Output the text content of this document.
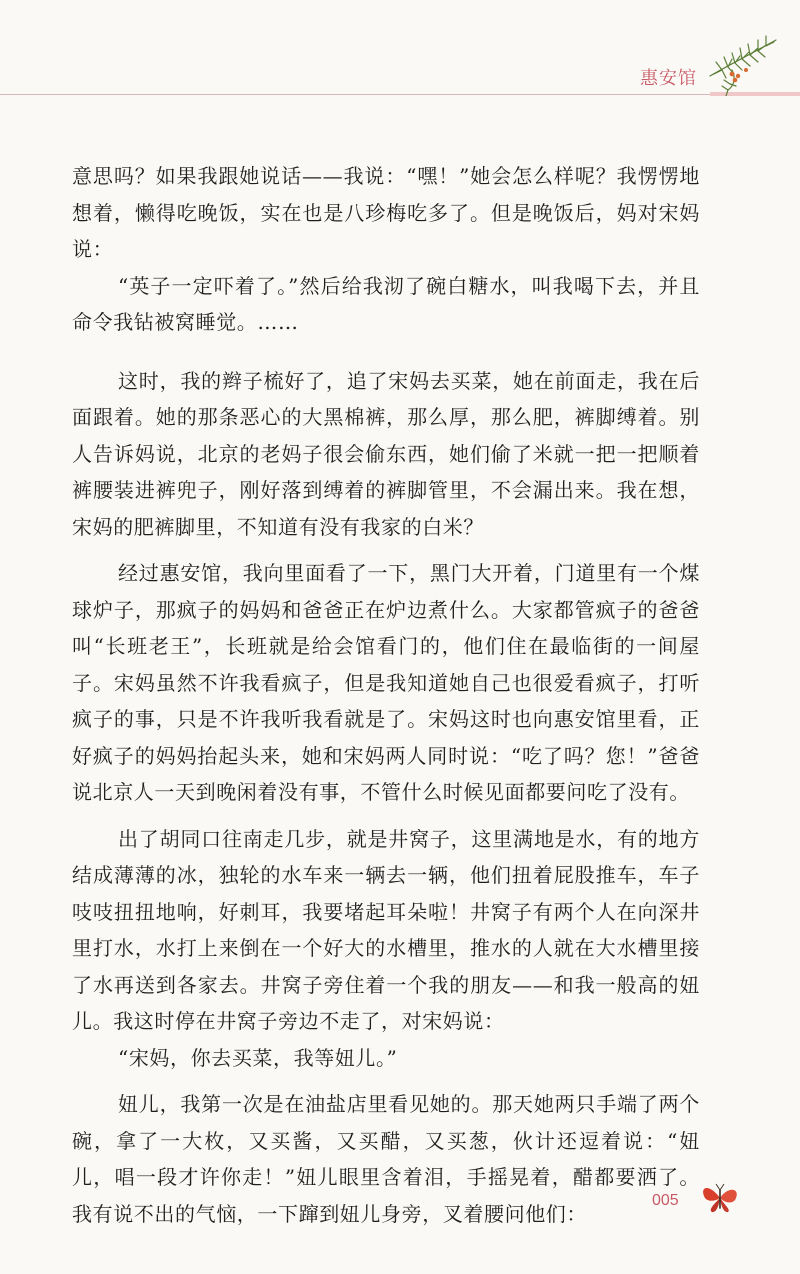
惠安馆

意思吗？如果我跟她说话——我说：“嘿！”她会怎么样呢？我愣愣地想着，懒得吃晚饭，实在也是八珍梅吃多了。但是晚饭后，妈对宋妈说：

“英子一定吓着了。”然后给我沏了碗白糖水，叫我喝下去，并且命令我钻被窝睡觉。……

这时，我的辫子梳好了，追了宋妈去买菜，她在前面走，我在后面跟着。她的那条恶心的大黑棉裤，那么厚，那么肥，裤脚缚着。别人告诉妈说，北京的老妈子很会偷东西，她们偷了米就一把一把顺着裤腰装进裤兜子，刚好落到缚着的裤脚管里，不会漏出来。我在想，宋妈的肥裤脚里，不知道有没有我家的白米？

经过惠安馆，我向里面看了一下，黑门大开着，门道里有一个煤球炉子，那疯子的妈妈和爸爸正在炉边煮什么。大家都管疯子的爸爸叫“长班老王”，长班就是给会馆看门的，他们住在最临街的一间屋子。宋妈虽然不许我看疯子，但是我知道她自己也很爱看疯子，打听疯子的事，只是不许我听我看就是了。宋妈这时也向惠安馆里看，正好疯子的妈妈抬起头来，她和宋妈两人同时说：“吃了吗？您！”爸爸说北京人一天到晚闲着没有事，不管什么时候见面都要问吃了没有。

出了胡同口往南走几步，就是井窝子，这里满地是水，有的地方结成薄薄的冰，独轮的水车来一辆去一辆，他们扭着屁股推车，车子吱吱扭扭地响，好刺耳，我要堵起耳朵啦！井窝子有两个人在向深井里打水，水打上来倒在一个好大的水槽里，推水的人就在大水槽里接了水再送到各家去。井窝子旁住着一个我的朋友——和我一般高的妞儿。我这时停在井窝子旁边不走了，对宋妈说：

“宋妈，你去买菜，我等妞儿。”

妞儿，我第一次是在油盐店里看见她的。那天她两只手端了两个碗，拿了一大枚，又买酱，又买醋，又买葱，伙计还逗着说：“妞儿，唱一段才许你走！”妞儿眼里含着泪，手摇晃着，醋都要洒了。我有说不出的气恼，一下蹿到妞儿身旁，叉着腰问他们：

005
